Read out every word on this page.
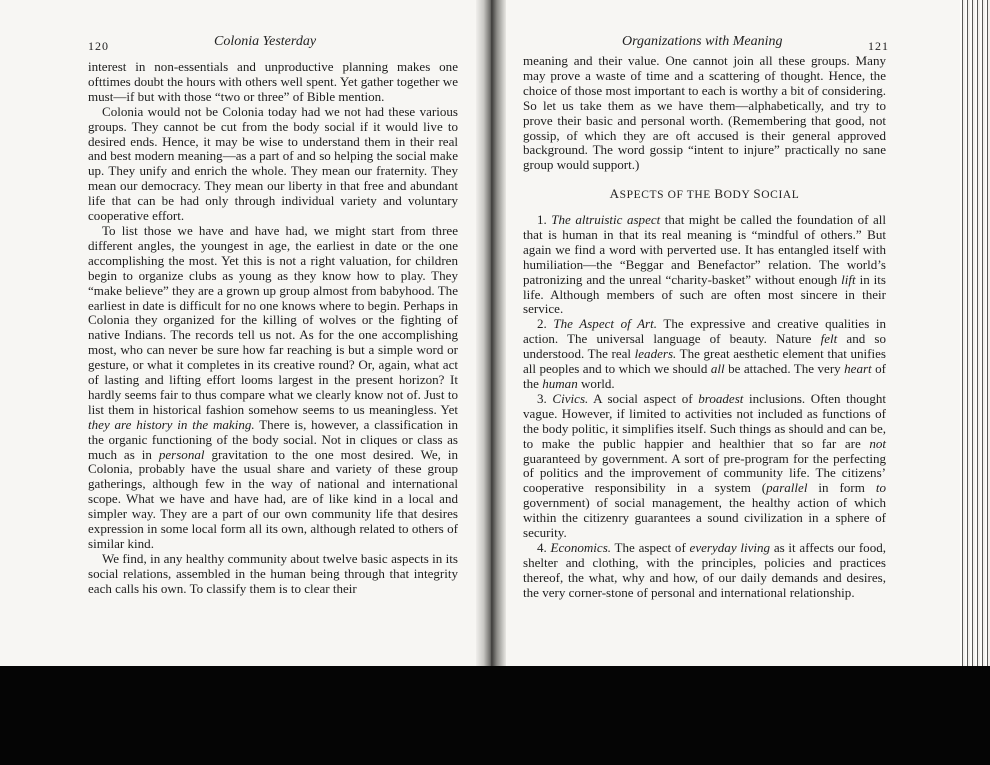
120	Colonia Yesterday

interest in non-essentials and unproductive planning makes one ofttimes doubt the hours with others well spent. Yet gather together we must—if but with those “two or three” of Bible mention.

Colonia would not be Colonia today had we not had these various groups. They cannot be cut from the body social if it would live to desired ends. Hence, it may be wise to understand them in their real and best modern meaning—as a part of and so helping the social make up. They unify and enrich the whole. They mean our fraternity. They mean our democracy. They mean our liberty in that free and abundant life that can be had only through individual variety and voluntary cooperative effort.

To list those we have and have had, we might start from three different angles, the youngest in age, the earliest in date or the one accomplishing the most. Yet this is not a right valuation, for children begin to organize clubs as young as they know how to play. They “make believe” they are a grown up group almost from babyhood. The earliest in date is difficult for no one knows where to begin. Perhaps in Colonia they organized for the killing of wolves or the fighting of native Indians. The records tell us not. As for the one accomplishing most, who can never be sure how far reaching is but a simple word or gesture, or what it completes in its creative round? Or, again, what act of lasting and lifting effort looms largest in the present horizon? It hardly seems fair to thus compare what we clearly know not of. Just to list them in historical fashion somehow seems to us meaningless. Yet they are history in the making. There is, however, a classification in the organic functioning of the body social. Not in cliques or class as much as in personal gravitation to the one most desired. We, in Colonia, probably have the usual share and variety of these group gatherings, although few in the way of national and international scope. What we have and have had, are of like kind in a local and simpler way. They are a part of our own community life that desires expression in some local form all its own, although related to others of similar kind.

We find, in any healthy community about twelve basic aspects in its social relations, assembled in the human being through that integrity each calls his own. To classify them is to clear their

Organizations with Meaning	121

meaning and their value. One cannot join all these groups. Many may prove a waste of time and a scattering of thought. Hence, the choice of those most important to each is worthy a bit of considering. So let us take them as we have them—alphabetically, and try to prove their basic and personal worth. (Remembering that good, not gossip, of which they are oft accused is their general approved background. The word gossip “intent to injure” practically no sane group would support.)

ASPECTS OF THE BODY SOCIAL

1. The altruistic aspect that might be called the foundation of all that is human in that its real meaning is “mindful of others.” But again we find a word with perverted use. It has entangled itself with humiliation—the “Beggar and Benefactor” relation. The world’s patronizing and the unreal “charity-basket” without enough lift in its life. Although members of such are often most sincere in their service.

2. The Aspect of Art. The expressive and creative qualities in action. The universal language of beauty. Nature felt and so understood. The real leaders. The great aesthetic element that unifies all peoples and to which we should all be attached. The very heart of the human world.

3. Civics. A social aspect of broadest inclusions. Often thought vague. However, if limited to activities not included as functions of the body politic, it simplifies itself. Such things as should and can be, to make the public happier and healthier that so far are not guaranteed by government. A sort of pre-program for the perfecting of politics and the improvement of community life. The citizens’ cooperative responsibility in a system (parallel in form to government) of social management, the healthy action of which within the citizenry guarantees a sound civilization in a sphere of security.

4. Economics. The aspect of everyday living as it affects our food, shelter and clothing, with the principles, policies and practices thereof, the what, why and how, of our daily demands and desires, the very corner-stone of personal and international relationship.
